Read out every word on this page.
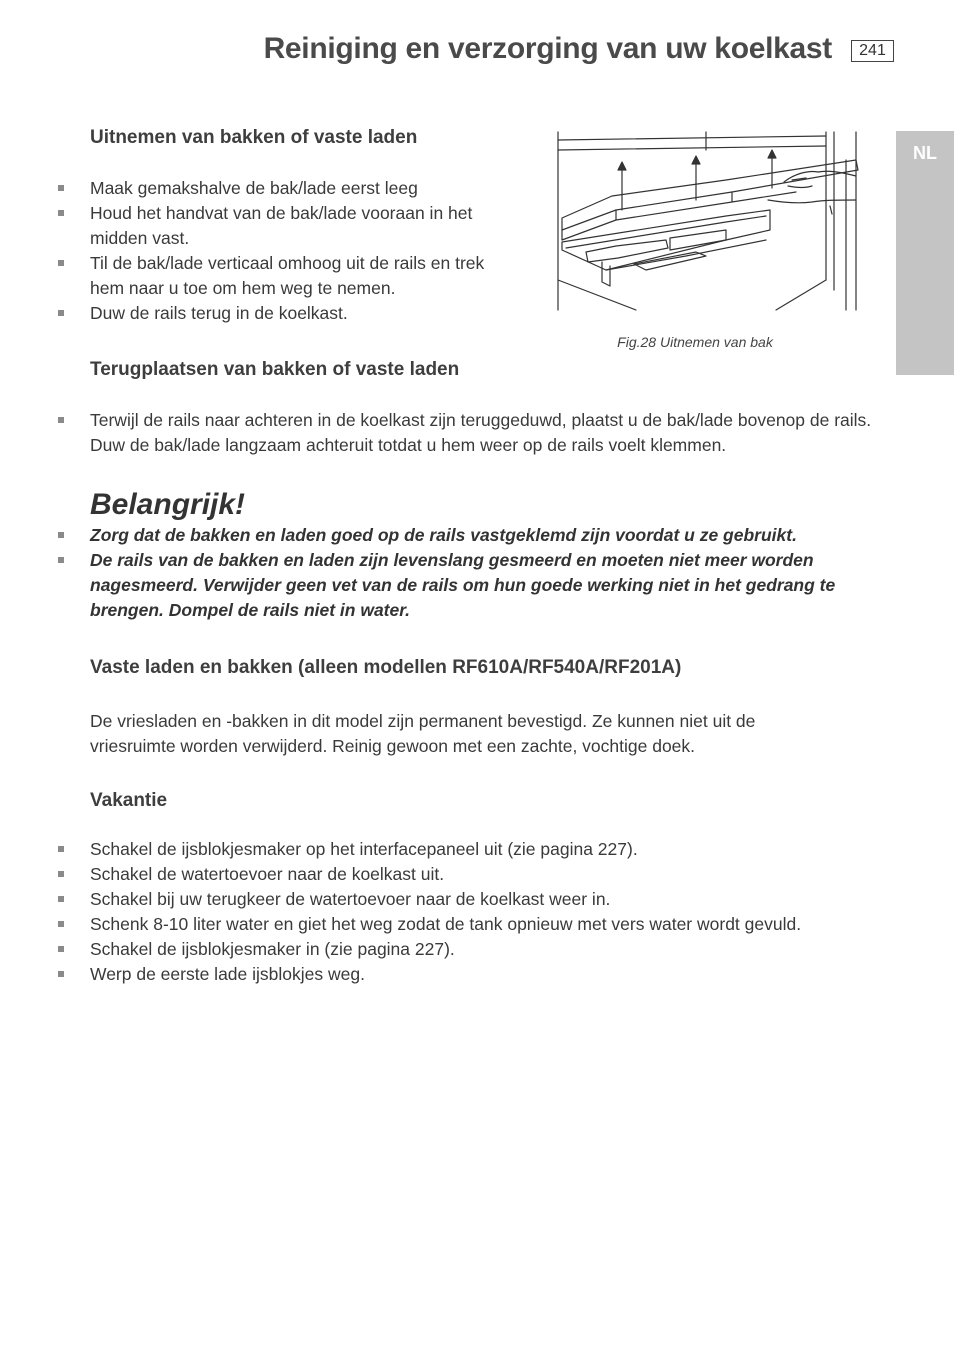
Reiniging en verzorging van uw koelkast	241
NL
Uitnemen van bakken of vaste laden
Maak gemakshalve de bak/lade eerst leeg
Houd het handvat van de bak/lade vooraan in het midden vast.
Til de bak/lade verticaal omhoog uit de rails en trek hem naar u toe om hem weg te nemen.
Duw de rails terug in de koelkast.

Fig.28 Uitnemen van bak

Terugplaatsen van bakken of vaste laden
Terwijl de rails naar achteren in de koelkast zijn teruggeduwd, plaatst u de bak/lade bovenop de rails. Duw de bak/lade langzaam achteruit totdat u hem weer op de rails voelt klemmen.
Belangrijk!
Zorg dat de bakken en laden goed op de rails vastgeklemd zijn voordat u ze gebruikt.
De rails van de bakken en laden zijn levenslang gesmeerd en moeten niet meer worden nagesmeerd. Verwijder geen vet van de rails om hun goede werking niet in het gedrang te brengen. Dompel de rails niet in water.
Vaste laden en bakken (alleen modellen RF610A/RF540A/RF201A)

De vriesladen en -bakken in dit model zijn permanent bevestigd. Ze kunnen niet uit de vriesruimte worden verwijderd. Reinig gewoon met een zachte, vochtige doek.

Vakantie
Schakel de ijsblokjesmaker op het interfacepaneel uit (zie pagina 227).
Schakel de watertoevoer naar de koelkast uit.
Schakel bij uw terugkeer de watertoevoer naar de koelkast weer in.
Schenk 8-10 liter water en giet het weg zodat de tank opnieuw met vers water wordt gevuld.
Schakel de ijsblokjesmaker in (zie pagina 227).
Werp de eerste lade ijsblokjes weg.
